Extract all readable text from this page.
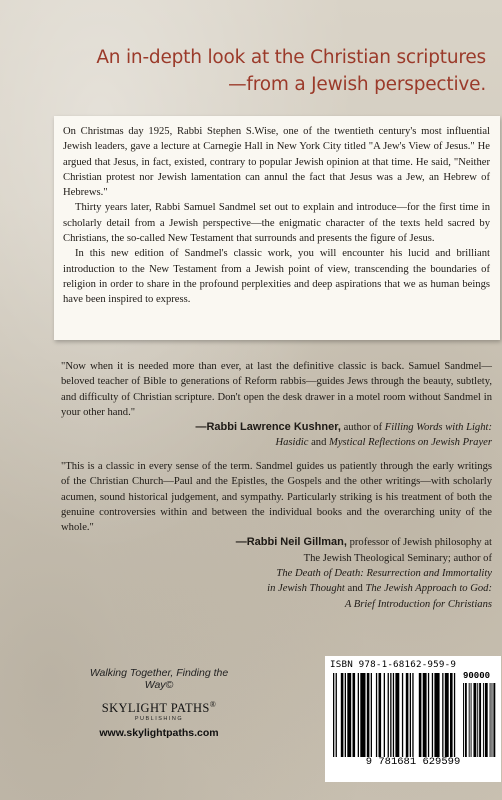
An in-depth look at the Christian scriptures
—from a Jewish perspective.

On Christmas day 1925, Rabbi Stephen S.Wise, one of the twentieth century's most influential Jewish leaders, gave a lecture at Carnegie Hall in New York City titled "A Jew's View of Jesus." He argued that Jesus, in fact, existed, contrary to popular Jewish opinion at that time. He said, "Neither Christian protest nor Jewish lamentation can annul the fact that Jesus was a Jew, an Hebrew of Hebrews."

Thirty years later, Rabbi Samuel Sandmel set out to explain and introduce—for the first time in scholarly detail from a Jewish perspective—the enigmatic character of the texts held sacred by Christians, the so-called New Testament that surrounds and presents the figure of Jesus.

In this new edition of Sandmel's classic work, you will encounter his lucid and brilliant introduction to the New Testament from a Jewish point of view, transcending the boundaries of religion in order to share in the profound perplexities and deep aspirations that we as human beings have been inspired to express.

"Now when it is needed more than ever, at last the definitive classic is back. Samuel Sandmel—beloved teacher of Bible to generations of Reform rabbis—guides Jews through the beauty, subtlety, and difficulty of Christian scripture. Don't open the desk drawer in a motel room without Sandmel in your other hand."
—Rabbi Lawrence Kushner, author of Filling Words with Light:
Hasidic and Mystical Reflections on Jewish Prayer
"This is a classic in every sense of the term. Sandmel guides us patiently through the early writings of the Christian Church—Paul and the Epistles, the Gospels and the other writings—with scholarly acumen, sound historical judgement, and sympathy. Particularly striking is his treatment of both the genuine controversies within and between the individual books and the overarching unity of the whole."
—Rabbi Neil Gillman, professor of Jewish philosophy at
The Jewish Theological Seminary; author of
The Death of Death: Resurrection and Immortality
in Jewish Thought and The Jewish Approach to God:
A Brief Introduction for Christians
Walking Together, Finding the Way©
SKYLIGHT PATHS®
PUBLISHING
www.skylightpaths.com
ISBN 978-1-68162-959-9
90000
9 781681 629599
